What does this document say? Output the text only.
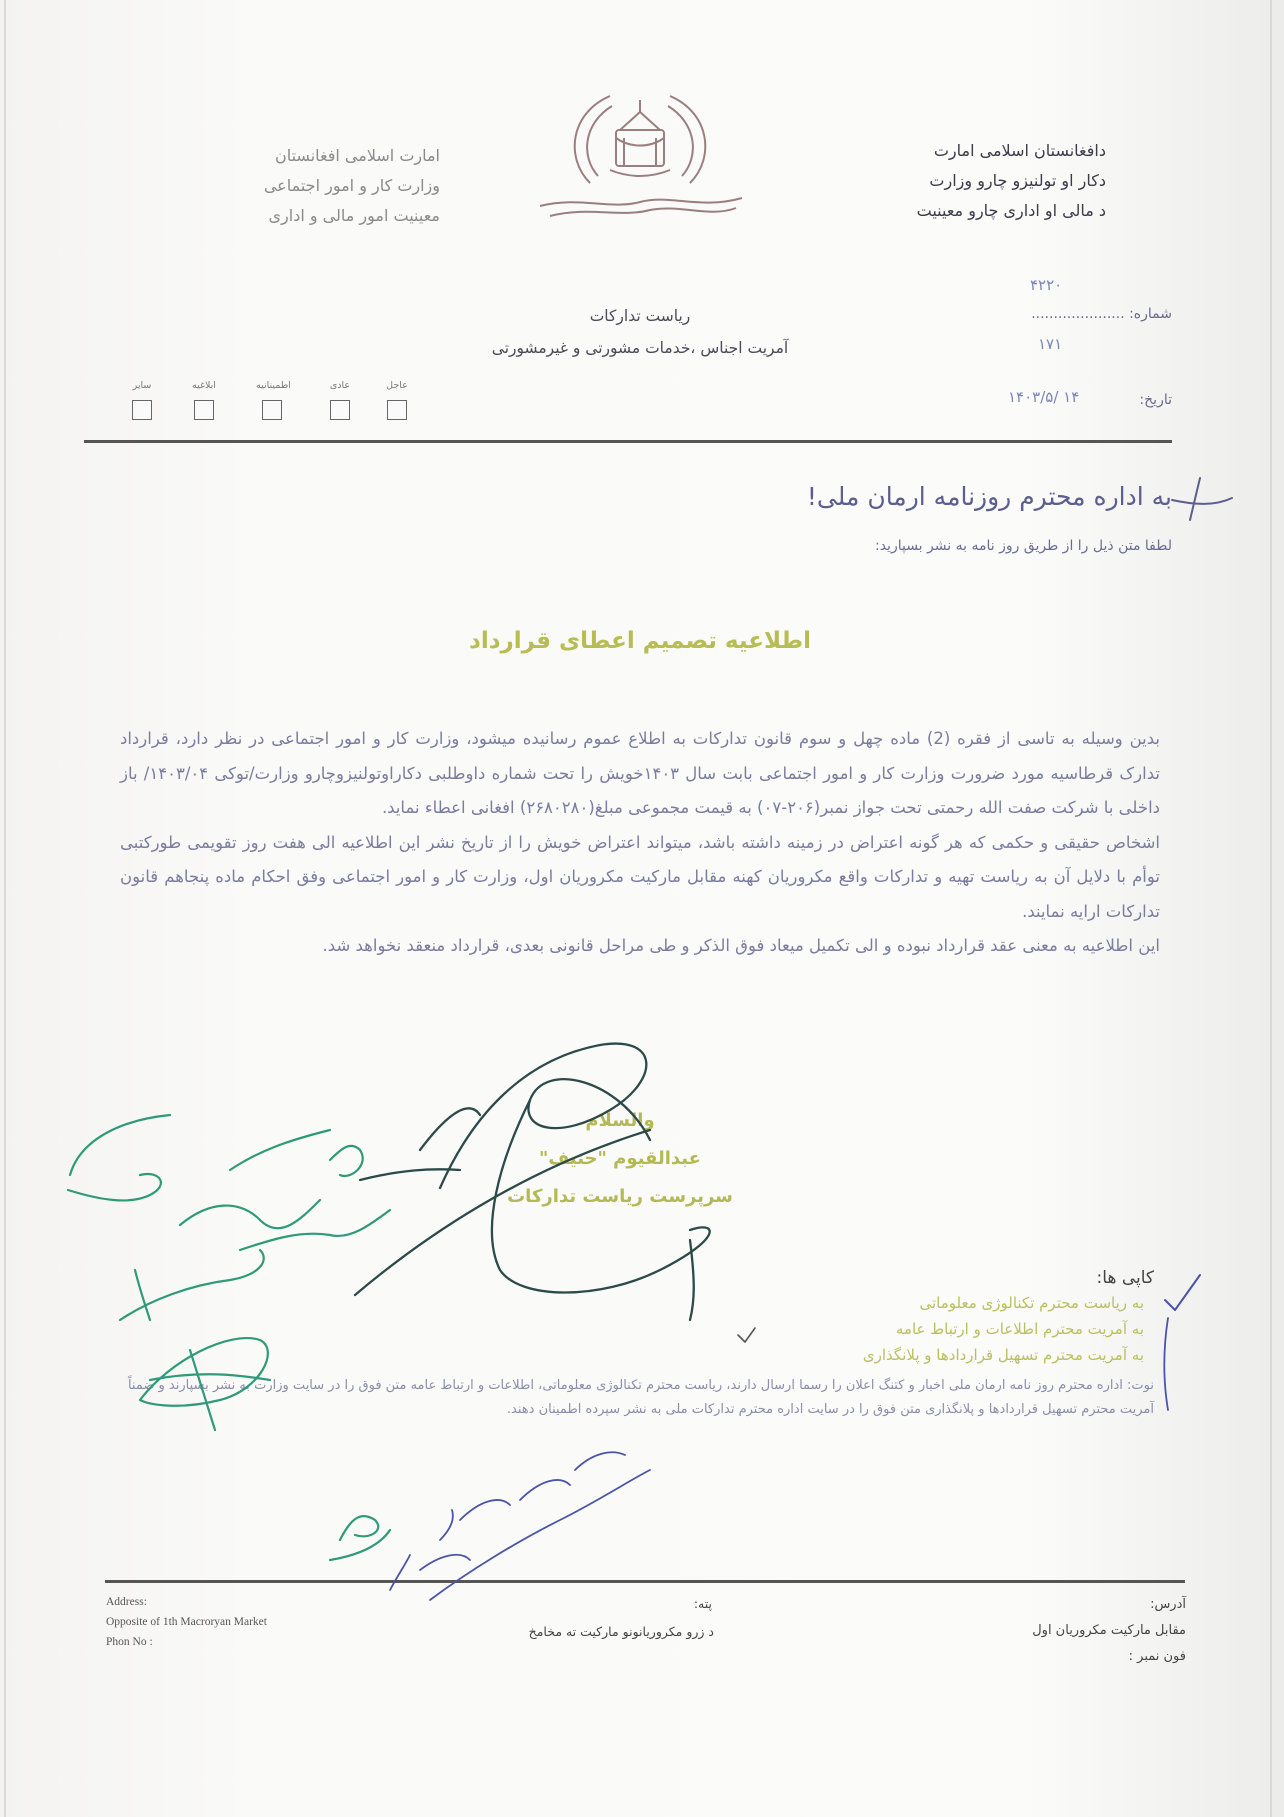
دافغانستان اسلامی امارت
دکار او تولنیزو چارو وزارت
د مالی او اداری چارو معینیت
امارت اسلامی افغانستان
وزارت کار و امور اجتماعی
معینیت امور مالی و اداری
ریاست تدارکات
آمریت اجناس ،خدمات مشورتی و غیرمشورتی
۴۲۲۰
شماره: .....................
۱۷۱
تاریخ:
۱۴۰۳/۵/ ۱۴
عاجل
عادی
اطمینانیه
ابلاغیه
سایر
به اداره محترم روزنامه ارمان ملی!
لطفا متن ذیل را از طریق روز نامه به نشر بسپارید:
اطلاعیه تصمیم اعطای قرارداد

بدین وسیله به تاسی از فقره (2) ماده چهل و سوم قانون تدارکات به اطلاع عموم رسانیده میشود، وزارت کار و امور اجتماعی در نظر دارد، قرارداد تدارک قرطاسیه مورد ضرورت وزارت کار و امور اجتماعی بابت سال ۱۴۰۳خویش را تحت شماره داوطلبی دکاراوتولنیزوچارو وزارت/توکی ۱۴۰۳/۰۴/ باز داخلی با شرکت صفت الله رحمتی تحت جواز نمبر(۲۰۶-۰۷) به قیمت مجموعی مبلغ(۲۶۸۰۲۸۰) افغانی اعطاء نماید.

اشخاص حقیقی و حکمی که هر گونه اعتراض در زمینه داشته باشد، میتواند اعتراض خویش را از تاریخ نشر این اطلاعیه الی هفت روز تقویمی طورکتبی توأم با دلایل آن به ریاست تهیه و تدارکات واقع مکروریان کهنه مقابل مارکیت مکروریان اول، وزارت کار و امور اجتماعی وفق احکام ماده پنجاهم قانون تدارکات ارایه نمایند.

این اطلاعیه به معنی عقد قرارداد نبوده و الی تکمیل میعاد فوق الذکر و طی مراحل قانونی بعدی، قرارداد منعقد نخواهد شد.

والسلام
عبدالقیوم "حنیف"
سرپرست ریاست تدارکات
کاپی ها:
به ریاست محترم تکنالوژی معلوماتی
به آمریت محترم اطلاعات و ارتباط عامه
به آمریت محترم تسهیل قراردادها و پلانگذاری
نوت: اداره محترم روز نامه ارمان ملی اخبار و کتنگ اعلان را رسما ارسال دارند، ریاست محترم تکنالوژی معلوماتی، اطلاعات و ارتباط عامه متن فوق را در سایت وزارت به نشر بسپارند و ضمناً آمریت محترم تسهیل قراردادها و پلانگذاری متن فوق را در سایت اداره محترم تدارکات ملی به نشر سپرده اطمینان دهند.
Address:
Opposite of 1th Macroryan Market
Phon No :
پته:
د زرو مکروریانونو مارکیت ته مخامخ
آدرس:
مقابل مارکیت مکروریان اول
فون نمبر :
